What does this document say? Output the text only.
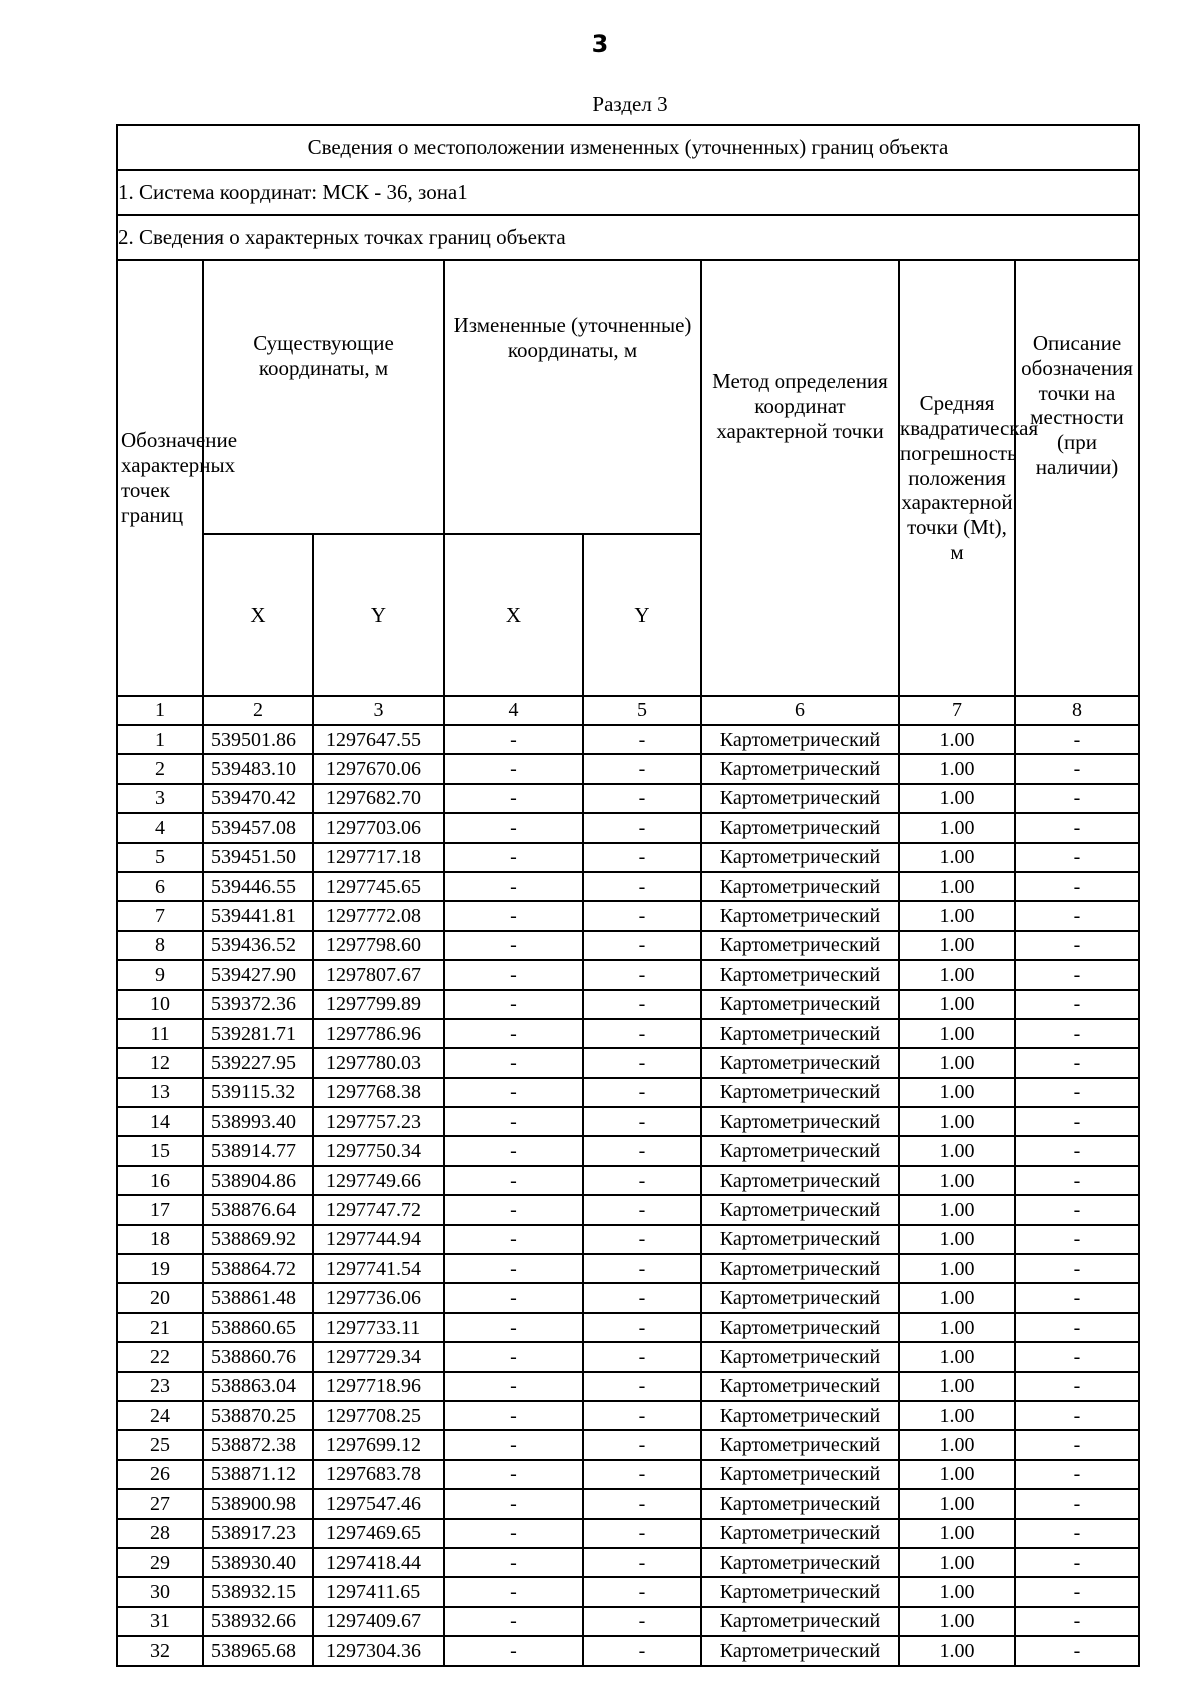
3
Раздел 3
Сведения о местоположении измененных (уточненных) границ объекта							
1. Система координат: МСК - 36, зона1							
2. Сведения о характерных точках границ объекта							
Обозначение характерных точек границ	Существующие координаты, м		Измененные (уточненные) координаты, м		Метод определения координат характерной точки	Средняя квадратическая погрешность положения характерной точки (Mt), м	Описание обозначения точки на местности (при наличии)
	X	Y	X	Y			
1	2	3	4	5	6	7	8
1	539501.86	1297647.55	-	-	Картометрический	1.00	-
2	539483.10	1297670.06	-	-	Картометрический	1.00	-
3	539470.42	1297682.70	-	-	Картометрический	1.00	-
4	539457.08	1297703.06	-	-	Картометрический	1.00	-
5	539451.50	1297717.18	-	-	Картометрический	1.00	-
6	539446.55	1297745.65	-	-	Картометрический	1.00	-
7	539441.81	1297772.08	-	-	Картометрический	1.00	-
8	539436.52	1297798.60	-	-	Картометрический	1.00	-
9	539427.90	1297807.67	-	-	Картометрический	1.00	-
10	539372.36	1297799.89	-	-	Картометрический	1.00	-
11	539281.71	1297786.96	-	-	Картометрический	1.00	-
12	539227.95	1297780.03	-	-	Картометрический	1.00	-
13	539115.32	1297768.38	-	-	Картометрический	1.00	-
14	538993.40	1297757.23	-	-	Картометрический	1.00	-
15	538914.77	1297750.34	-	-	Картометрический	1.00	-
16	538904.86	1297749.66	-	-	Картометрический	1.00	-
17	538876.64	1297747.72	-	-	Картометрический	1.00	-
18	538869.92	1297744.94	-	-	Картометрический	1.00	-
19	538864.72	1297741.54	-	-	Картометрический	1.00	-
20	538861.48	1297736.06	-	-	Картометрический	1.00	-
21	538860.65	1297733.11	-	-	Картометрический	1.00	-
22	538860.76	1297729.34	-	-	Картометрический	1.00	-
23	538863.04	1297718.96	-	-	Картометрический	1.00	-
24	538870.25	1297708.25	-	-	Картометрический	1.00	-
25	538872.38	1297699.12	-	-	Картометрический	1.00	-
26	538871.12	1297683.78	-	-	Картометрический	1.00	-
27	538900.98	1297547.46	-	-	Картометрический	1.00	-
28	538917.23	1297469.65	-	-	Картометрический	1.00	-
29	538930.40	1297418.44	-	-	Картометрический	1.00	-
30	538932.15	1297411.65	-	-	Картометрический	1.00	-
31	538932.66	1297409.67	-	-	Картометрический	1.00	-
32	538965.68	1297304.36	-	-	Картометрический	1.00	-
